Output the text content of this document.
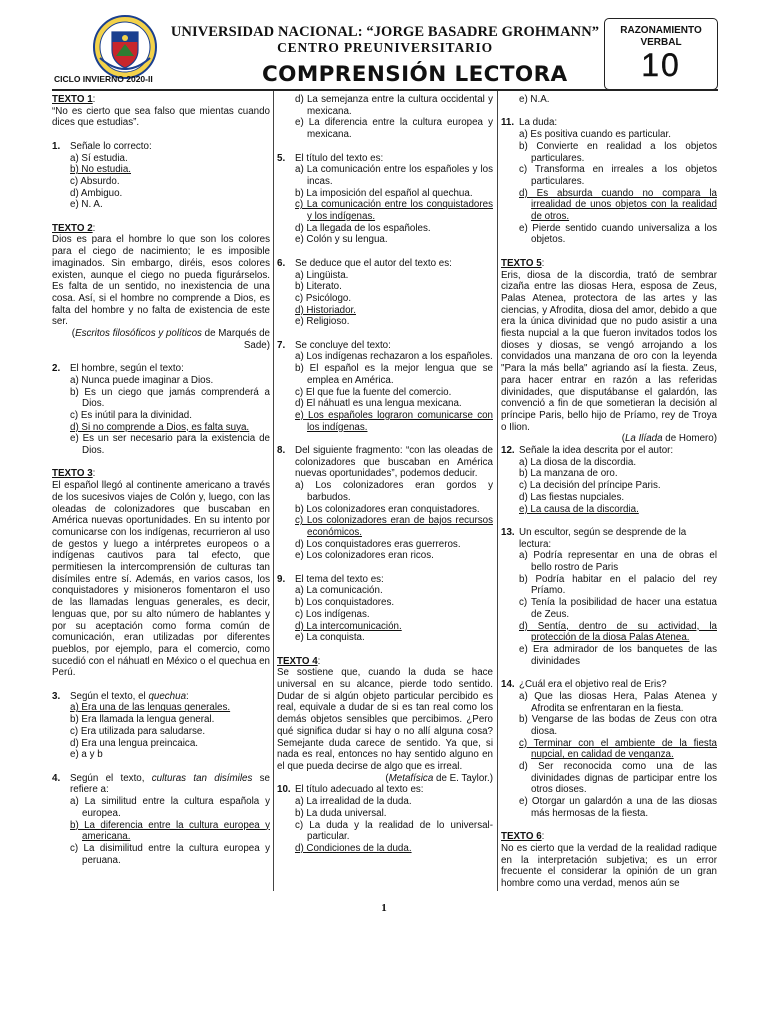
UNIVERSIDAD NACIONAL: “JORGE BASADRE GROHMANN”
CENTRO PREUNIVERSITARIO
CICLO INVIERNO 2020-II	COMPRENSIÓN LECTORA
RAZONAMIENTO
VERBAL
10

TEXTO 1:

“No es cierto que sea falso que mientas cuando dices que estudias”.

1.	Señale lo correcto:

a) Sí estudia.

b) No estudia.

c) Absurdo.

d) Ambiguo.

e) N. A.

TEXTO 2:

Dios es para el hombre lo que son los colores para el ciego de nacimiento; le es imposible imaginados. Sin embargo, diréis, esos colores existen, aunque el ciego no pueda figurárselos. Es falta de un sentido, no inexistencia de una cosa. Así, si el hombre no comprende a Dios, es falta del hombre y no falta de existencia de este ser.

(Escritos filosóficos y políticos de Marqués de Sade)

2.	El hombre, según el texto:

a) Nunca puede imaginar a Dios.

b) Es un ciego que jamás comprenderá a Dios.

c) Es inútil para la divinidad.

d) Si no comprende a Dios, es falta suya.

e) Es un ser necesario para la existencia de Dios.

TEXTO 3:

El español llegó al continente americano a través de los sucesivos viajes de Colón y, luego, con las oleadas de colonizadores que buscaban en América nuevas oportunidades. En su intento por comunicarse con los indígenas, recurrieron al uso de gestos y luego a intérpretes europeos o a indígenas cautivos para tal efecto, que permitiesen la intercomprensión de culturas tan disímiles entre sí. Además, en varios casos, los conquistadores y misioneros fomentaron el uso de las llamadas lenguas generales, es decir, lenguas que, por su alto número de hablantes y por su aceptación como forma común de comunicación, eran utilizadas por diferentes pueblos, por ejemplo, para el comercio, como sucedió con el náhuatl en México o el quechua en Perú.

3.	Según el texto, el quechua:

a) Era una de las lenguas generales.

b) Era llamada la lengua general.

c) Era utilizada para saludarse.

d) Era una lengua preincaica.

e) a y b

4.	Según el texto, culturas tan disímiles se refiere a:

a) La similitud entre la cultura española y europea.

b) La diferencia entre la cultura europea y americana.

c) La disimilitud entre la cultura europea y peruana.

d) La semejanza entre la cultura occidental y mexicana.

e) La diferencia entre la cultura europea y mexicana.

5.	El título del texto es:

a) La comunicación entre los españoles y los incas.

b) La imposición del español al quechua.

c) La comunicación entre los conquistadores y los indígenas.

d) La llegada de los españoles.

e) Colón y su lengua.

6.	Se deduce que el autor del texto es:

a) Lingüista.

b) Literato.

c) Psicólogo.

d) Historiador.

e) Religioso.

7.	Se concluye del texto:

a) Los indígenas rechazaron a los españoles.

b) El español es la mejor lengua que se emplea en América.

c) El que fue la fuente del comercio.

d) El náhuatl es una lengua mexicana.

e) Los españoles lograron comunicarse con los indígenas.

8.	Del siguiente fragmento: “con las oleadas de colonizadores que buscaban en América nuevas oportunidades”, podemos deducir.

a) Los colonizadores eran gordos y barbudos.

b) Los colonizadores eran conquistadores.

c) Los colonizadores eran de bajos recursos económicos.

d) Los conquistadores eras guerreros.

e) Los colonizadores eran ricos.

9.	El tema del texto es:

a) La comunicación.

b) Los conquistadores.

c) Los indígenas.

d) La intercomunicación.

e) La conquista.

TEXTO 4:

Se sostiene que, cuando la duda se hace universal en su alcance, pierde todo sentido. Dudar de si algún objeto particular percibido es real, equivale a dudar de si es tan real como los demás objetos sensibles que percibimos. ¿Pero qué significa dudar si hay o no allí alguna cosa? Semejante duda carece de sentido. Ya que, si nada es real, entonces no hay sentido alguno en el que pueda decirse de algo que es irreal.

(Metafísica de E. Taylor.)

10. El título adecuado al texto es:

a) La irrealidad de la duda.

b) La duda universal.

c) La duda y la realidad de lo universal-particular.

d) Condiciones de la duda.

e) N.A.

11. La duda:

a) Es positiva cuando es particular.

b) Convierte en realidad a los objetos particulares.

c) Transforma en irreales a los objetos particulares.

d) Es absurda cuando no compara la irrealidad de unos objetos con la realidad de otros.

e) Pierde sentido cuando universaliza a los objetos.

TEXTO 5:

Eris, diosa de la discordia, trató de sembrar cizaña entre las diosas Hera, esposa de Zeus, Palas Atenea, protectora de las artes y las ciencias, y Afrodita, diosa del amor, debido a que era la única divinidad que no pudo asistir a una fiesta nupcial a la que fueron invitados todos los dioses y diosas, se vengó arrojando a los convidados una manzana de oro con la leyenda "Para la más bella" agriando así la fiesta. Zeus, para hacer entrar en razón a las referidas divinidades, que disputábanse el galardón, las convenció a fin de que sometieran la decisión al príncipe Paris, bello hijo de Príamo, rey de Troya o Ilion.

(La Ilíada de Homero)

12. Señale la idea descrita por el autor:

a) La diosa de la discordia.

b) La manzana de oro.

c) La decisión del príncipe Paris.

d) Las fiestas nupciales.

e) La causa de la discordia.

13. Un escultor, según se desprende de la lectura:

a) Podría representar en una de obras el bello rostro de Paris

b) Podría habitar en el palacio del rey Príamo.

c) Tenía la posibilidad de hacer una estatua de Zeus.

d) Sentía, dentro de su actividad, la protección de la diosa Palas Atenea.

e) Era admirador de los banquetes de las divinidades

14. ¿Cuál era el objetivo real de Eris?

a) Que las diosas Hera, Palas Atenea y Afrodita se enfrentaran en la fiesta.

b) Vengarse de las bodas de Zeus con otra diosa.

c) Terminar con el ambiente de la fiesta nupcial, en calidad de venganza.

d) Ser reconocida como una de las divinidades dignas de participar entre los otros dioses.

e) Otorgar un galardón a una de las diosas más hermosas de la fiesta.

TEXTO 6:

No es cierto que la verdad de la realidad radique en la interpretación subjetiva; es un error frecuente el considerar la opinión de un gran hombre como una verdad, menos aún se

1
